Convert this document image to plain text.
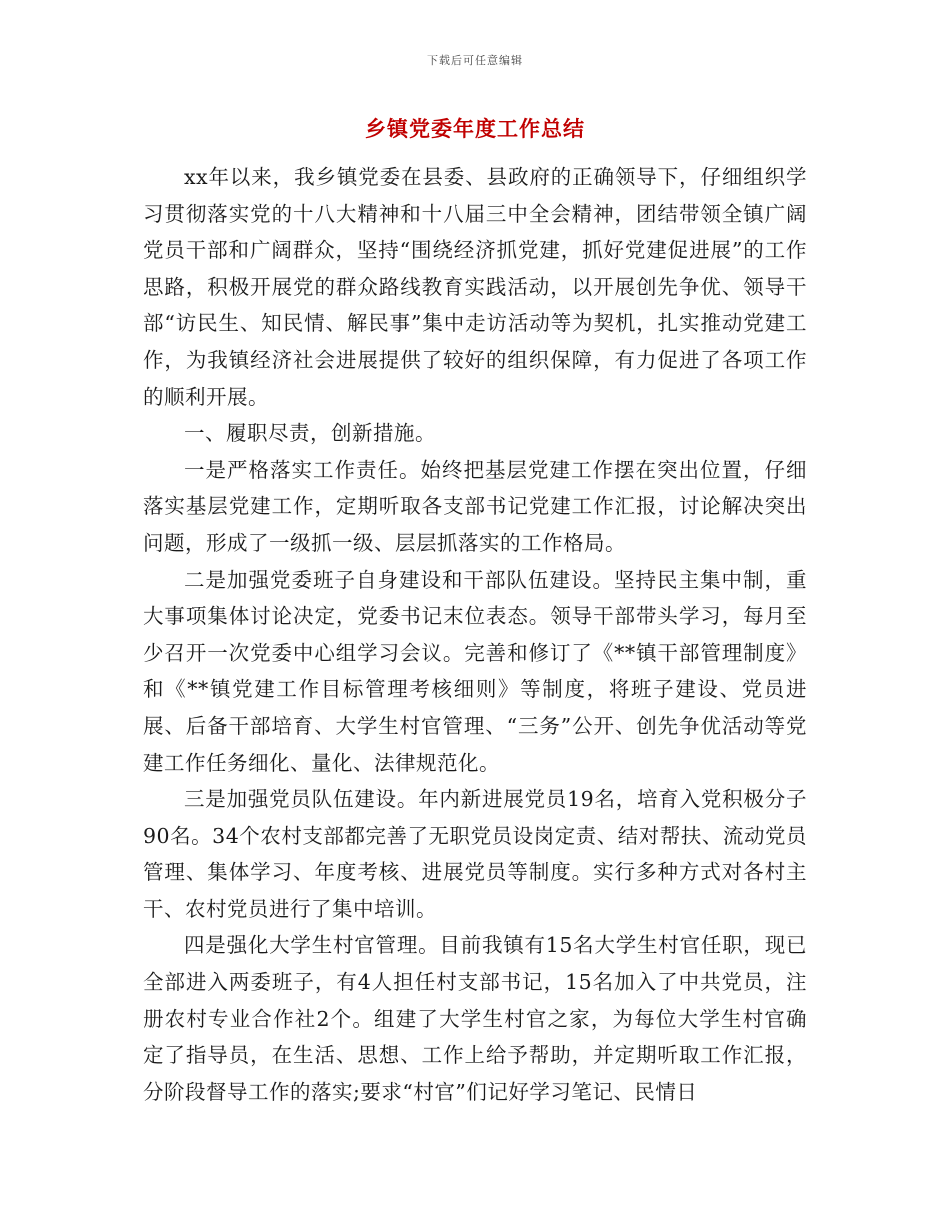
下载后可任意编辑
乡镇党委年度工作总结

xx年以来，我乡镇党委在县委、县政府的正确领导下，仔细组织学习贯彻落实党的十八大精神和十八届三中全会精神，团结带领全镇广阔党员干部和广阔群众，坚持“围绕经济抓党建，抓好党建促进展”的工作思路，积极开展党的群众路线教育实践活动，以开展创先争优、领导干部“访民生、知民情、解民事”集中走访活动等为契机，扎实推动党建工作，为我镇经济社会进展提供了较好的组织保障，有力促进了各项工作的顺利开展。

一、履职尽责，创新措施。

一是严格落实工作责任。始终把基层党建工作摆在突出位置，仔细落实基层党建工作，定期听取各支部书记党建工作汇报，讨论解决突出问题，形成了一级抓一级、层层抓落实的工作格局。

二是加强党委班子自身建设和干部队伍建设。坚持民主集中制，重大事项集体讨论决定，党委书记末位表态。领导干部带头学习，每月至少召开一次党委中心组学习会议。完善和修订了《**镇干部管理制度》和《**镇党建工作目标管理考核细则》等制度，将班子建设、党员进展、后备干部培育、大学生村官管理、“三务”公开、创先争优活动等党建工作任务细化、量化、法律规范化。

三是加强党员队伍建设。年内新进展党员19名，培育入党积极分子90名。34个农村支部都完善了无职党员设岗定责、结对帮扶、流动党员管理、集体学习、年度考核、进展党员等制度。实行多种方式对各村主干、农村党员进行了集中培训。

四是强化大学生村官管理。目前我镇有15名大学生村官任职，现已全部进入两委班子，有4人担任村支部书记，15名加入了中共党员，注册农村专业合作社2个。组建了大学生村官之家，为每位大学生村官确定了指导员，在生活、思想、工作上给予帮助，并定期听取工作汇报，分阶段督导工作的落实;要求“村官”们记好学习笔记、民情日
